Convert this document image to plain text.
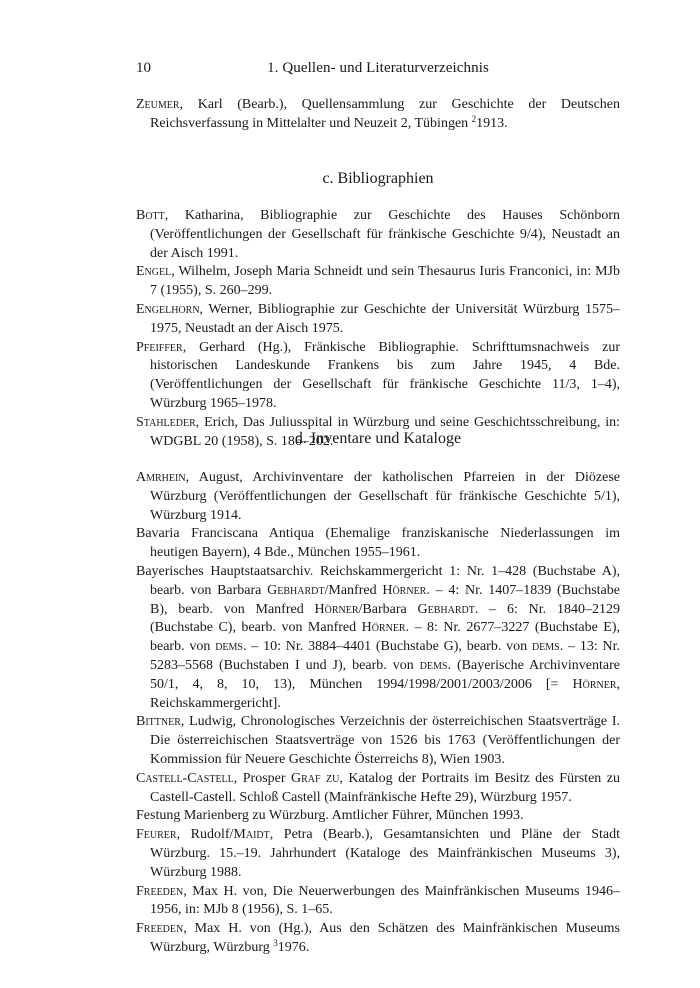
10	1. Quellen- und Literaturverzeichnis

Zeumer, Karl (Bearb.), Quellensammlung zur Geschichte der Deutschen Reichsverfassung in Mittelalter und Neuzeit 2, Tübingen $^2$1913.

c. Bibliographien

Bott, Katharina, Bibliographie zur Geschichte des Hauses Schönborn (Veröffentlichungen der Gesellschaft für fränkische Geschichte 9/4), Neustadt an der Aisch 1991.

Engel, Wilhelm, Joseph Maria Schneidt und sein Thesaurus Iuris Franconici, in: MJb 7 (1955), S. 260–299.

Engelhorn, Werner, Bibliographie zur Geschichte der Universität Würzburg 1575–1975, Neustadt an der Aisch 1975.

Pfeiffer, Gerhard (Hg.), Fränkische Bibliographie. Schrifttumsnachweis zur historischen Landeskunde Frankens bis zum Jahre 1945, 4 Bde. (Veröffentlichungen der Gesellschaft für fränkische Geschichte 11/3, 1–4), Würzburg 1965–1978.

Stahleder, Erich, Das Juliusspital in Würzburg und seine Geschichtsschreibung, in: WDGBL 20 (1958), S. 186–202.

d. Inventare und Kataloge

Amrhein, August, Archivinventare der katholischen Pfarreien in der Diözese Würzburg (Veröffentlichungen der Gesellschaft für fränkische Geschichte 5/1), Würzburg 1914.

Bavaria Franciscana Antiqua (Ehemalige franziskanische Niederlassungen im heutigen Bayern), 4 Bde., München 1955–1961.

Bayerisches Hauptstaatsarchiv. Reichskammergericht 1: Nr. 1–428 (Buchstabe A), bearb. von Barbara Gebhardt/Manfred Hörner. – 4: Nr. 1407–1839 (Buchstabe B), bearb. von Manfred Hörner/Barbara Gebhardt. – 6: Nr. 1840–2129 (Buchstabe C), bearb. von Manfred Hörner. – 8: Nr. 2677–3227 (Buchstabe E), bearb. von dems. – 10: Nr. 3884–4401 (Buchstabe G), bearb. von dems. – 13: Nr. 5283–5568 (Buchstaben I und J), bearb. von dems. (Bayerische Archivinventare 50/1, 4, 8, 10, 13), München 1994/1998/2001/2003/2006 [= Hörner, Reichskammergericht].

Bittner, Ludwig, Chronologisches Verzeichnis der österreichischen Staatsverträge I. Die österreichischen Staatsverträge von 1526 bis 1763 (Veröffentlichungen der Kommission für Neuere Geschichte Österreichs 8), Wien 1903.

Castell-Castell, Prosper Graf zu, Katalog der Portraits im Besitz des Fürsten zu Castell-Castell. Schloß Castell (Mainfränkische Hefte 29), Würzburg 1957.

Festung Marienberg zu Würzburg. Amtlicher Führer, München 1993.

Feurer, Rudolf/Maidt, Petra (Bearb.), Gesamtansichten und Pläne der Stadt Würzburg. 15.–19. Jahrhundert (Kataloge des Mainfränkischen Museums 3), Würzburg 1988.

Freeden, Max H. von, Die Neuerwerbungen des Mainfränkischen Museums 1946–1956, in: MJb 8 (1956), S. 1–65.

Freeden, Max H. von (Hg.), Aus den Schätzen des Mainfränkischen Museums Würzburg, Würzburg $^3$1976.
